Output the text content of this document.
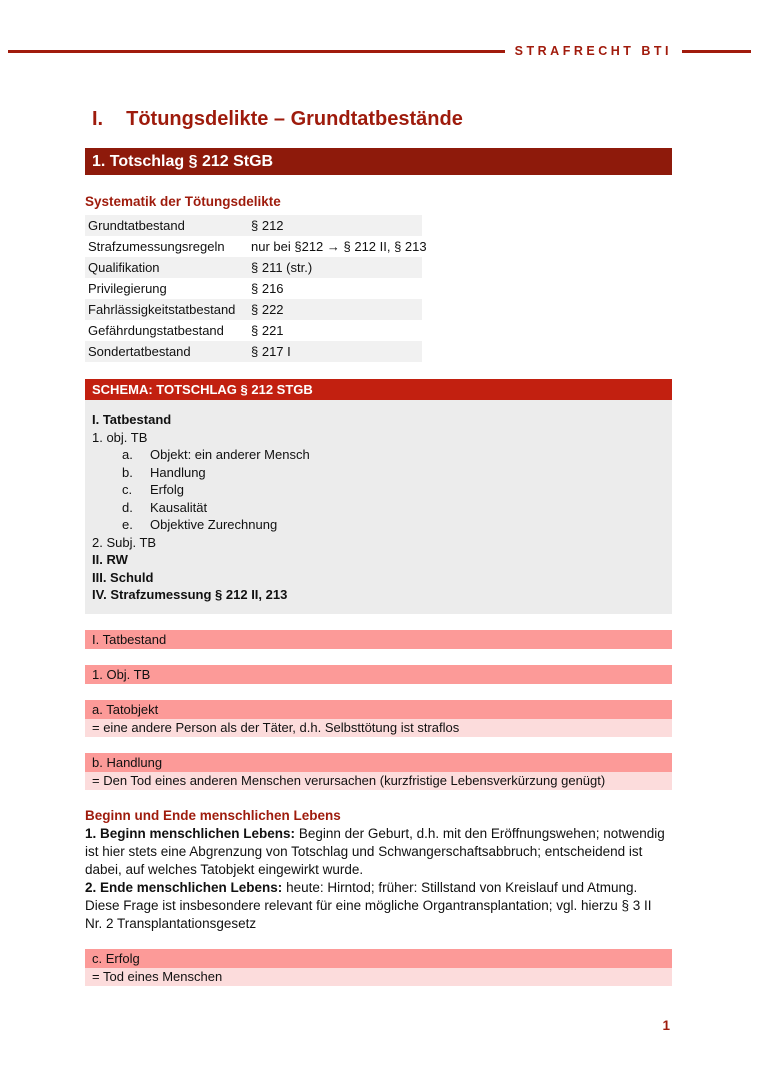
STRAFRECHT BTI
I. Tötungsdelikte – Grundtatbestände
1. Totschlag § 212 StGB
Systematik der Tötungsdelikte
Grundtatbestand	§ 212
Strafzumessungsregeln	nur bei §212 → § 212 II, § 213
Qualifikation	§ 211 (str.)
Privilegierung	§ 216
Fahrlässigkeitstatbestand	§ 222
Gefährdungstatbestand	§ 221
Sondertatbestand	§ 217 I
SCHEMA: TOTSCHLAG § 212 STGB
I. Tatbestand
1. obj. TB
a.	Objekt: ein anderer Mensch
b.	Handlung
c.	Erfolg
d.	Kausalität
e.	Objektive Zurechnung
2. Subj. TB
II. RW
III. Schuld
IV. Strafzumessung § 212 II, 213
I. Tatbestand
1. Obj. TB
a. Tatobjekt
= eine andere Person als der Täter, d.h. Selbsttötung ist straflos
b. Handlung
= Den Tod eines anderen Menschen verursachen (kurzfristige Lebensverkürzung genügt)
Beginn und Ende menschlichen Lebens
1. Beginn menschlichen Lebens: Beginn der Geburt, d.h. mit den Eröffnungswehen; notwendig ist hier stets eine Abgrenzung von Totschlag und Schwangerschaftsabbruch; entscheidend ist dabei, auf welches Tatobjekt eingewirkt wurde.
2. Ende menschlichen Lebens: heute: Hirntod; früher: Stillstand von Kreislauf und Atmung. Diese Frage ist insbesondere relevant für eine mögliche Organtransplantation; vgl. hierzu § 3 II Nr. 2 Transplantationsgesetz
c. Erfolg
= Tod eines Menschen
1
